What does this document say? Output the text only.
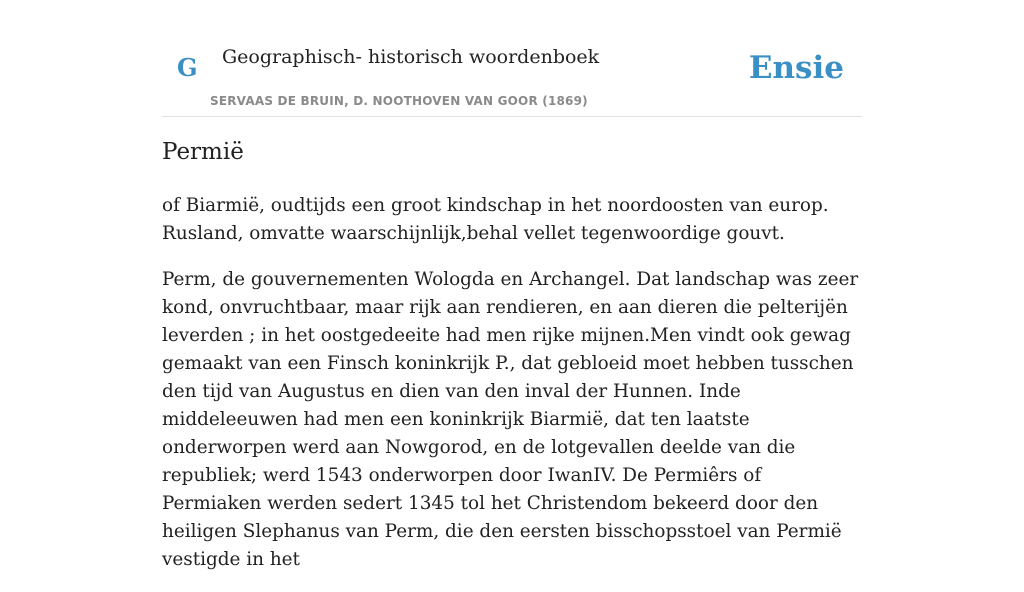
G Geographisch- historisch woordenboek
SERVAAS DE BRUIN, D. NOOTHOVEN VAN GOOR (1869)
Ensie
Permië

of Biarmië, oudtijds een groot kindschap in het noordoosten van europ. Rusland, omvatte waarschijnlijk,behal vellet tegenwoordige gouvt.

Perm, de gouvernementen Wologda en Archangel. Dat landschap was zeer kond, onvruchtbaar, maar rijk aan rendieren, en aan dieren die pelterijën leverden ; in het oostgedeeite had men rijke mijnen.Men vindt ook gewag gemaakt van een Finsch koninkrijk P., dat gebloeid moet hebben tusschen den tijd van Augustus en dien van den inval der Hunnen. Inde middeleeuwen had men een koninkrijk Biarmië, dat ten laatste onderworpen werd aan Nowgorod, en de lotgevallen deelde van die republiek; werd 1543 onderworpen door IwanIV. De Permiêrs of Permiaken werden sedert 1345 tol het Christendom bekeerd door den heiligen Slephanus van Perm, die den eersten bisschopsstoel van Permië vestigde in het
